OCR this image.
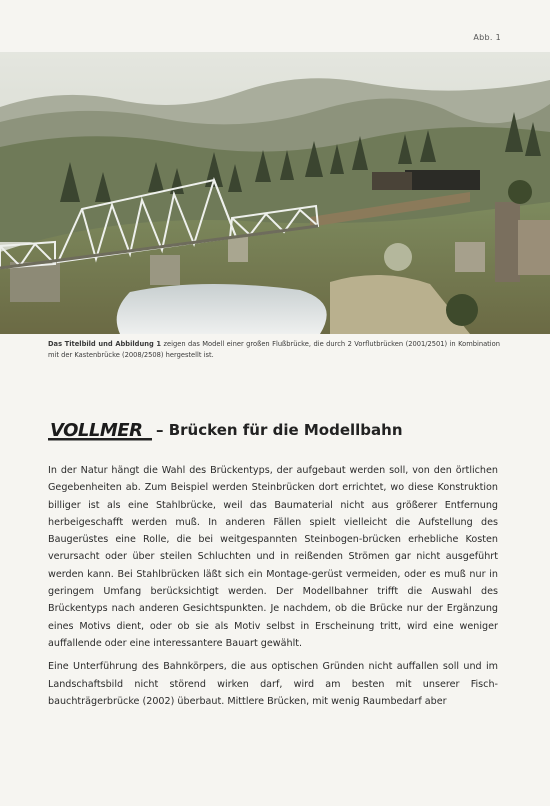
Abb. 1
Das Titelbild und Abbildung 1 zeigen das Modell einer großen Flußbrücke, die durch 2 Vorflutbrücken (2001/2501) in Kombination mit der Kastenbrücke (2008/2508) hergestellt ist.
VOLLMER – Brücken für die Modellbahn

In der Natur hängt die Wahl des Brückentyps, der aufgebaut werden soll, von den örtlichen Gegebenheiten ab. Zum Beispiel werden Steinbrücken dort errichtet, wo diese Konstruktion billiger ist als eine Stahlbrücke, weil das Baumaterial nicht aus größerer Entfernung herbeigeschafft werden muß. In anderen Fällen spielt vielleicht die Aufstellung des Baugerüstes eine Rolle, die bei weitgespannten Steinbogen-brücken erhebliche Kosten verursacht oder über steilen Schluchten und in reißenden Strömen gar nicht ausgeführt werden kann. Bei Stahlbrücken läßt sich ein Montage-gerüst vermeiden, oder es muß nur in geringem Umfang berücksichtigt werden. Der Modellbahner trifft die Auswahl des Brückentyps nach anderen Gesichtspunkten. Je nachdem, ob die Brücke nur der Ergänzung eines Motivs dient, oder ob sie als Motiv selbst in Erscheinung tritt, wird eine weniger auffallende oder eine interessantere Bauart gewählt.

Eine Unterführung des Bahnkörpers, die aus optischen Gründen nicht auffallen soll und im Landschaftsbild nicht störend wirken darf, wird am besten mit unserer Fisch-bauchträgerbrücke (2002) überbaut. Mittlere Brücken, mit wenig Raumbedarf aber
